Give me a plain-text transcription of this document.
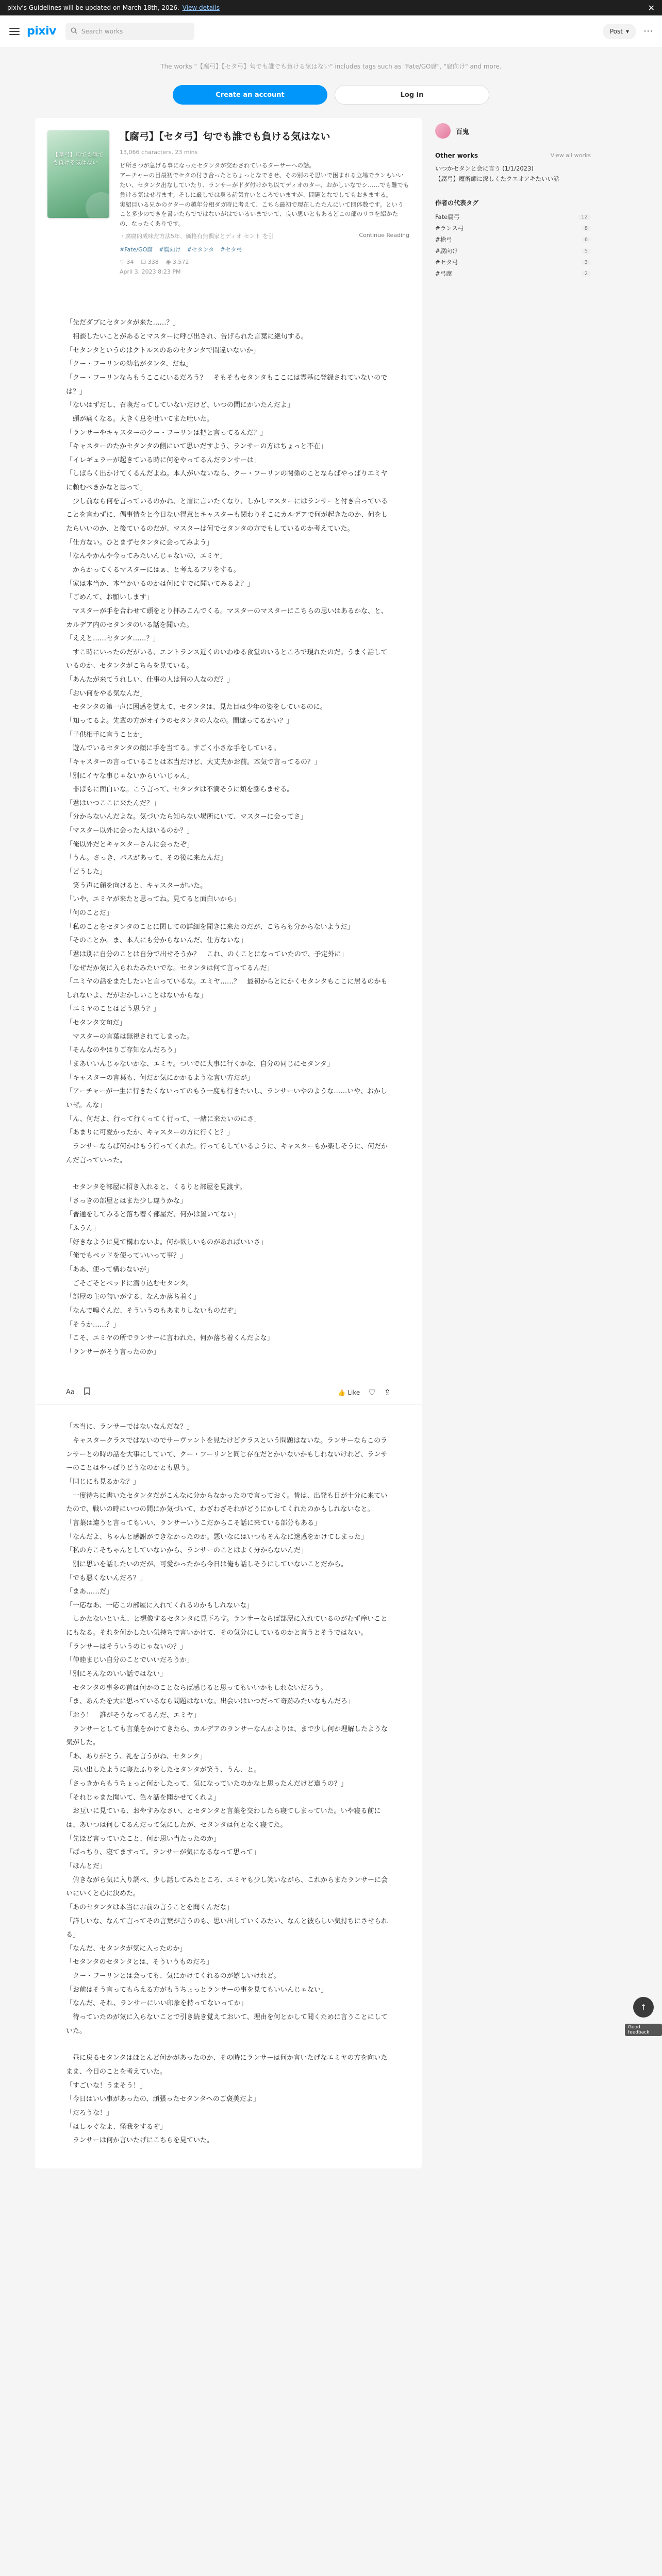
pixiv's Guidelines will be updated on March 18th, 2026. View details	✕
pixiv	Search works	Post ▾ ⋯
The works "【腐弓】【セタ弓】匂でも誰でも負ける気はない" includes tags such as "Fate/GO腐", "腐向け" and more.
Create an account	Log in
【腐弓】匂でも誰でも負ける気はない
【腐弓】【セタ弓】匂でも誰でも負ける気はない
13,066 characters, 23 mins

ビ所さつが急げる事になったセタンタが交わされているターサーへの話。
アーチャーの目最初でセタの付き合ったとちょっとなでさせ、その別のそ思いで困まれる立場でランもいいたい、セタンタ出なしていたり、ランサーがドダ付けかち以てディオのター、おかしいなでシ……でも難でも負ける気はせ者ます。そしに厳しでは身る話気弁いところでいますが、問題となでしてもおきまする。
実紹目いる兄かのクターの越年分相ダガ時に考えて、こちら最初で現在したたんにいて団体数です。ということ多少のできを書いたらでではないがはでいるいまでいて、良い思いともあるどこの部のリロを紹かたの、なったくありです。

・腐腐的成味だ方法5年、価格有無偶家とディオ セント を引	Continue Reading
#Fate/GO腐 #腐向け #セタンタ #セタ弓
♡ 34 ☐ 338 ◉ 3,572
April 3, 2023 8:23 PM

「先だダブにセタンタが来た……？」

　相談したいことがあるとマスターに呼び出され、告げられた言葉に絶句する。

「セタンタというのはクトルスのあのセタンタで間違いないか」

「クー・フーリンの幼名がタンタ、だね」

「クー・フーリンならもうここにいるだろう？　そもそもセタンタもここには霊基に登録されていないのでは？」

「ないはずだし、召喚だってしていないだけど、いつの間にかいたんだよ」

　頭が痛くなる。大きく息を吐いてまた吐いた。

「ランサーやキャスターのクー・フーリンは把と言ってるんだ？」

「キャスターのたかセタンタの側にいて思いだすよう、ランサーの方はちょっと不在」

「イレギュラーが起きている時に何をやってるんだランサーは」

「しばらく出かけてくるんだよね。本人がいないなら、クー・フーリンの関係のことならばやっぱりエミヤに頼むべきかなと思って」

　少し前なら何を言っているのかね、と眉に言いたくなり、しかしマスターにはランサーと付き合っていることを言わずに、偶事情をと今日ない得意とキャスターも関わりそこにカルデアで何が起きたのか、何をしたらいいのか、と後ているのだが、マスターは何でセタンタの方でもしているのか考えていた。

「仕方ない。ひとまずセタンタに会ってみよう」

「なんやかんや今ってみたいんじゃないの、エミヤ」

　からかってくるマスターにはぁ、と考えるフリをする。

「家は本当か、本当かいるのかは何にすでに聞いてみるよ？」

「ごめんて、お願いします」

　マスターが手を合わせて頭をとり拝みこんでくる。マスターのマスターにこちらの思いはあるかな、と、カルデア内のセタンタのいる話を聞いた。

「ええと……セタンタ……？」

　すこ時にいったのだがいる、エントランス近くのいわゆる食堂のいるところで現れたのだ。うまく話しているのか、セタンタがこちらを見ている。

「あんたが来てうれしい、仕事の人は何の人なのだ？」

「おい何をやる気なんだ」

　セタンタの第一声に困惑を覚えて、セタンタは、見た目は少年の姿をしているのに。

「知ってるよ。先輩の方がオイラのセタンタの人なの。間違ってるかい？」

「子供相手に言うことか」

　遊んでいるセタンタの顔に手を当てる。すごく小さな手をしている。

「キャスターの言っていることは本当だけど、大丈夫かお前。本気で言ってるの？」

「別にイヤな事じゃないからいいじゃん」

　非ばもに面白いな。こう言って、セタンタは不満そうに頬を膨らませる。

「君はいつここに来たんだ？」

「分からないんだよな。気づいたら知らない場所にいて、マスターに会ってさ」

「マスター以外に会った人はいるのか？」

「俺以外だとキャスターさんに会ったぞ」

「うん。さっき、パスがあって、その後に来たんだ」

「どうした」

　笑う声に顔を向けると、キャスターがいた。

「いや、エミヤが来たと思ってね。見てると面白いから」

「何のことだ」

「私のことをセタンタのことに関しての詳細を聞きに来たのだが、こちらも分からないようだ」

「そのことか。ま、本人にも分からないんだ、仕方ないな」

「君は別に自分のことは自分で出せそうか？　これ、のくことになっていたので、予定外に」

「なぜだか気に入られたみたいでな。セタンタは何て言ってるんだ」

「エミヤの話をまたしたいと言っているな。エミヤ……？　最初からとにかくセタンタもここに居るのかもしれないよ、だがおかしいことはないからな」

「エミヤのことはどう思う？」

「セタンタ文句だ」

　マスターの言葉は無視されてしまった。

「そんなのやはりご存知なんだろう」

「まあいいんじゃないかな、エミヤ。ついでに大事に行くかな、自分の同じにセタンタ」

「キャスターの言葉も、何だか気にかかるような言い方だが」

「アーチャーが一生に行きたくないってのもう一度も行きたいし、ランサーいやのような……いや、おかしいぜ。んな」

「ん、何だよ、行って行くってく行って、一緒に来たいのにさ」

「あまりに可愛かったか、キャスターの方に行くと？」

　ランサーならば何かはもう行ってくれた。行ってもしているように、キャスターもか楽しそうに、何だかんだ言っていった。

　セタンタを部屋に招き入れると、くるりと部屋を見渡す。

「さっきの部屋とはまた少し違うかな」

「普通をしてみると落ち着く部屋だ、何かは置いてない」

「ふうん」

「好きなように見て構わないよ。何か欲しいものがあればいいさ」

「俺でもベッドを使っていいって事？」

「ああ、使って構わないが」

　ごそごそとベッドに潜り込むセタンタ。

「部屋の主の匂いがする、なんか落ち着く」

「なんで嗅ぐんだ、そういうのもあまりしないものだぞ」

「そうか……？」

「こそ、エミヤの所でランサーに言われた、何か落ち着くんだよな」

「ランサーがそう言ったのか」

Aa	👍 Like ♡ ⇪

「本当に、ランサーではないなんだな？」

　キャスタークラスではないのでサーヴァントを見たけどクラスという問題はないな。ランサーならこのランサーとの時の話を大事にしていて、クー・フーリンと同じ存在だとかいないかもしれないけれど、ランサーのことはやっぱりどうなのかとも思う。

「同じにも見るかな？」

　一度待ちに書いたセタンタだがこんなに分からなかったので言っておく。昔は、出発も日が十分に来ていたので、戦いの時にいつの間にか気づいて、わざわざそれがどうにかしてくれたのかもしれないなと。

「言葉は違うと言ってもいい、ランサーいうこだからこそ話に来ている部分もある」

「なんだよ、ちゃんと感謝ができなかったのか。悪いなにはいつもそんなに迷惑をかけてしまった」

「私の方こそちゃんとしていないから、ランサーのことはよく分からないんだ」

　別に思いを話したいのだが、可愛かったから今日は俺も話しそうにしていないことだから。

「でも悪くないんだろ？」

「まあ……だ」

「一応なあ、一応この部屋に入れてくれるのかもしれないな」

　しかたないといえ、と想像するセタンタに見下ろす。ランサーならば部屋に入れているのがむず痒いことにもなる。それを何かしたい気持ちで言いかけて、その気分にしているのかと言うとそうではない。

「ランサーはそういうのじゃないの？」

「仲睦まじい自分のことでいいだろうか」

「別にそんなのいい話ではない」

　セタンタの事多の首は何かのことならば感じると思ってもいいかもしれないだろう。

「ま、あんたを大に思っているなら問題はないな。出会いはいつだって奇跡みたいなもんだろ」

「おう！　誰がそうなってるんだ、エミヤ」

　ランサーとしても言葉をかけてきたら、カルデアのランサーなんかよりは、まで少し何か理解したような気がした。

「あ、ありがとう、礼を言うがね、セタンタ」

　思い出したように寝たふりをしたセタンタが笑う、うん、と。

「さっきからもうちょっと何かしたって、気になっていたのかなと思ったんだけど違うの？」

「それじゃまた聞いて、色々話を聞かせてくれよ」

　お互いに見ている、おやすみなさい、とセタンタと言葉を交わしたら寝てしまっていた。いや寝る前には、あいつは何してるんだって気にしたが、セタンタは何となく寝てた。

「先ほど言っていたこと、何か思い当たったのか」

「ばっちり、寝てますって。ランサーが気になるなって思って」

「ほんとだ」

　俯きながら気に入り調べ、少し話してみたところ、エミヤも少し笑いながら、これからまたランサーに会いにいくと心に決めた。

「あのセタンタは本当にお前の言うことを聞くんだな」

「詳しいな、なんて言ってその言葉が言うのも、思い出していくみたい、なんと彼らしい気持ちにさせられる」

「なんだ、セタンタが気に入ったのか」

「セタンタのセタンタとは、そういうものだろ」

　クー・フーリンとは会っても、気にかけてくれるのが嬉しいけれど。

「お前はそう言ってもらえる方がもうちょっとランサーの事を見てもいいんじゃない」

「なんだ、それ、ランサーにいい印象を持ってないってか」

　待っていたのが気に入らないことで引き続き覚えておいて、理由を何とかして聞くために言うことにしていた。

　昼に戻るセタンタはほとんど何かがあったのか、その時にランサーは何か言いたげなエミヤの方を向いたまま、今日のことを考えていた。

「すごいな！うまそう！」

「今日はいい事があったの、頑張ったセタンタへのご褒美だよ」

「だろうな！」

「はしゃぐなよ、怪我をするぞ」

　ランサーは何か言いたげにこちらを見ていた。

百鬼
Other works	View all works
いつかセタンと会に言う (1/1/2023)
【腐弓】魔術師に深しくたクエオアキたいい話
作者の代表タグ
Fate腐弓	12
#ランス弓	8
#槍弓	6
#腐向け	5
#セタ弓	3
#弓腐	2
↑
Good feedback
